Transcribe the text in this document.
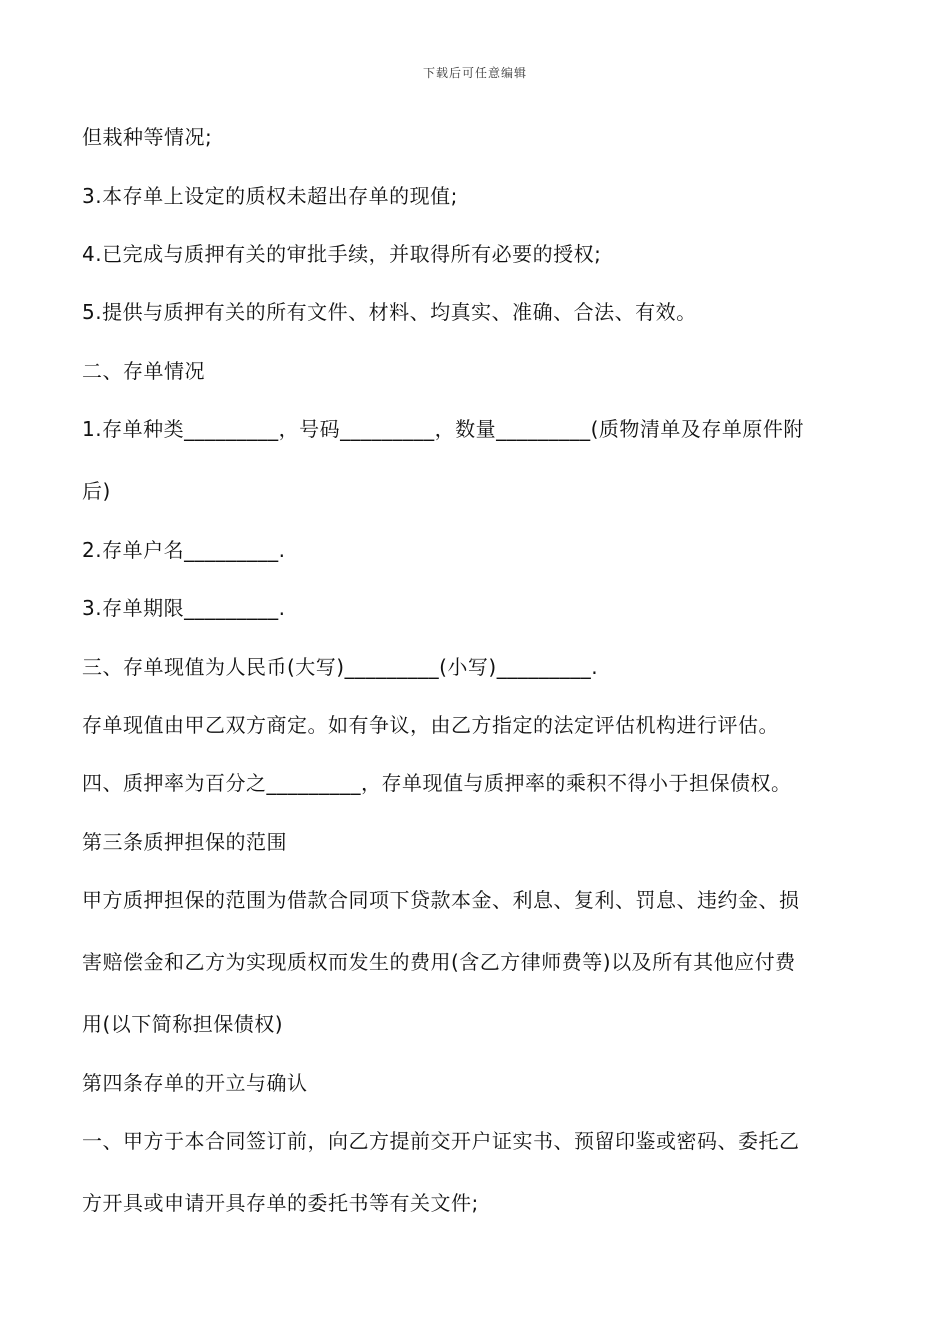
下载后可任意编辑
但栽种等情况;
3.本存单上设定的质权未超出存单的现值;
4.已完成与质押有关的审批手续，并取得所有必要的授权;
5.提供与质押有关的所有文件、材料、均真实、准确、合法、有效。
二、存单情况
1.存单种类_________，号码_________，数量_________(质物清单及存单原件附
后)
2.存单户名_________.
3.存单期限_________.
三、存单现值为人民币(大写)_________(小写)_________.
存单现值由甲乙双方商定。如有争议，由乙方指定的法定评估机构进行评估。
四、质押率为百分之_________，存单现值与质押率的乘积不得小于担保债权。
第三条质押担保的范围
甲方质押担保的范围为借款合同项下贷款本金、利息、复利、罚息、违约金、损
害赔偿金和乙方为实现质权而发生的费用(含乙方律师费等)以及所有其他应付费
用(以下简称担保债权)
第四条存单的开立与确认
一、甲方于本合同签订前，向乙方提前交开户证实书、预留印鉴或密码、委托乙
方开具或申请开具存单的委托书等有关文件;
